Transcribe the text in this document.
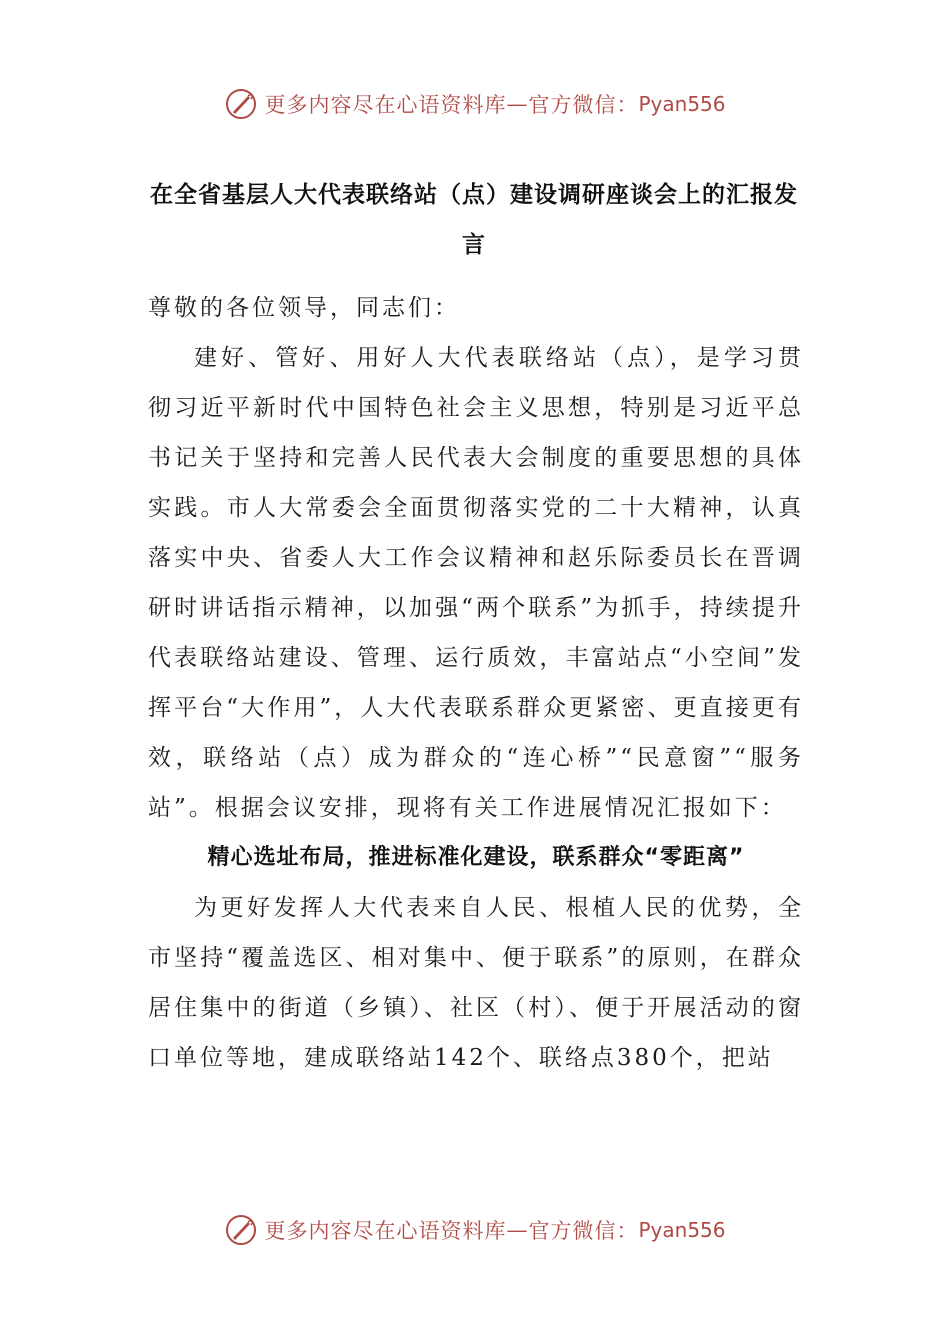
更多内容尽在心语资料库 — 官方微信： Pyan556
在全省基层人大代表联络站（点）建设调研座谈会上的汇报发言

尊敬的各位领导，同志们：

建好、管好、用好人大代表联络站（点），是学习贯彻习近平新时代中国特色社会主义思想，特别是习近平总书记关于坚持和完善人民代表大会制度的重要思想的具体实践。市人大常委会全面贯彻落实党的二十大精神，认真落实中央、省委人大工作会议精神和赵乐际委员长在晋调研时讲话指示精神，以加强“两个联系”为抓手，持续提升代表联络站建设、管理、运行质效，丰富站点“小空间”发挥平台“大作用”，人大代表联系群众更紧密、更直接更有效，联络站（点）成为群众的“连心桥”“民意窗”“服务站”。根据会议安排，现将有关工作进展情况汇报如下：

精心选址布局，推进标准化建设，联系群众“零距离”

为更好发挥人大代表来自人民、根植人民的优势，全市坚持“覆盖选区、相对集中、便于联系”的原则，在群众居住集中的街道（乡镇）、社区（村）、便于开展活动的窗口单位等地，建成联络站142个、联络点380个，把站

更多内容尽在心语资料库 — 官方微信： Pyan556
